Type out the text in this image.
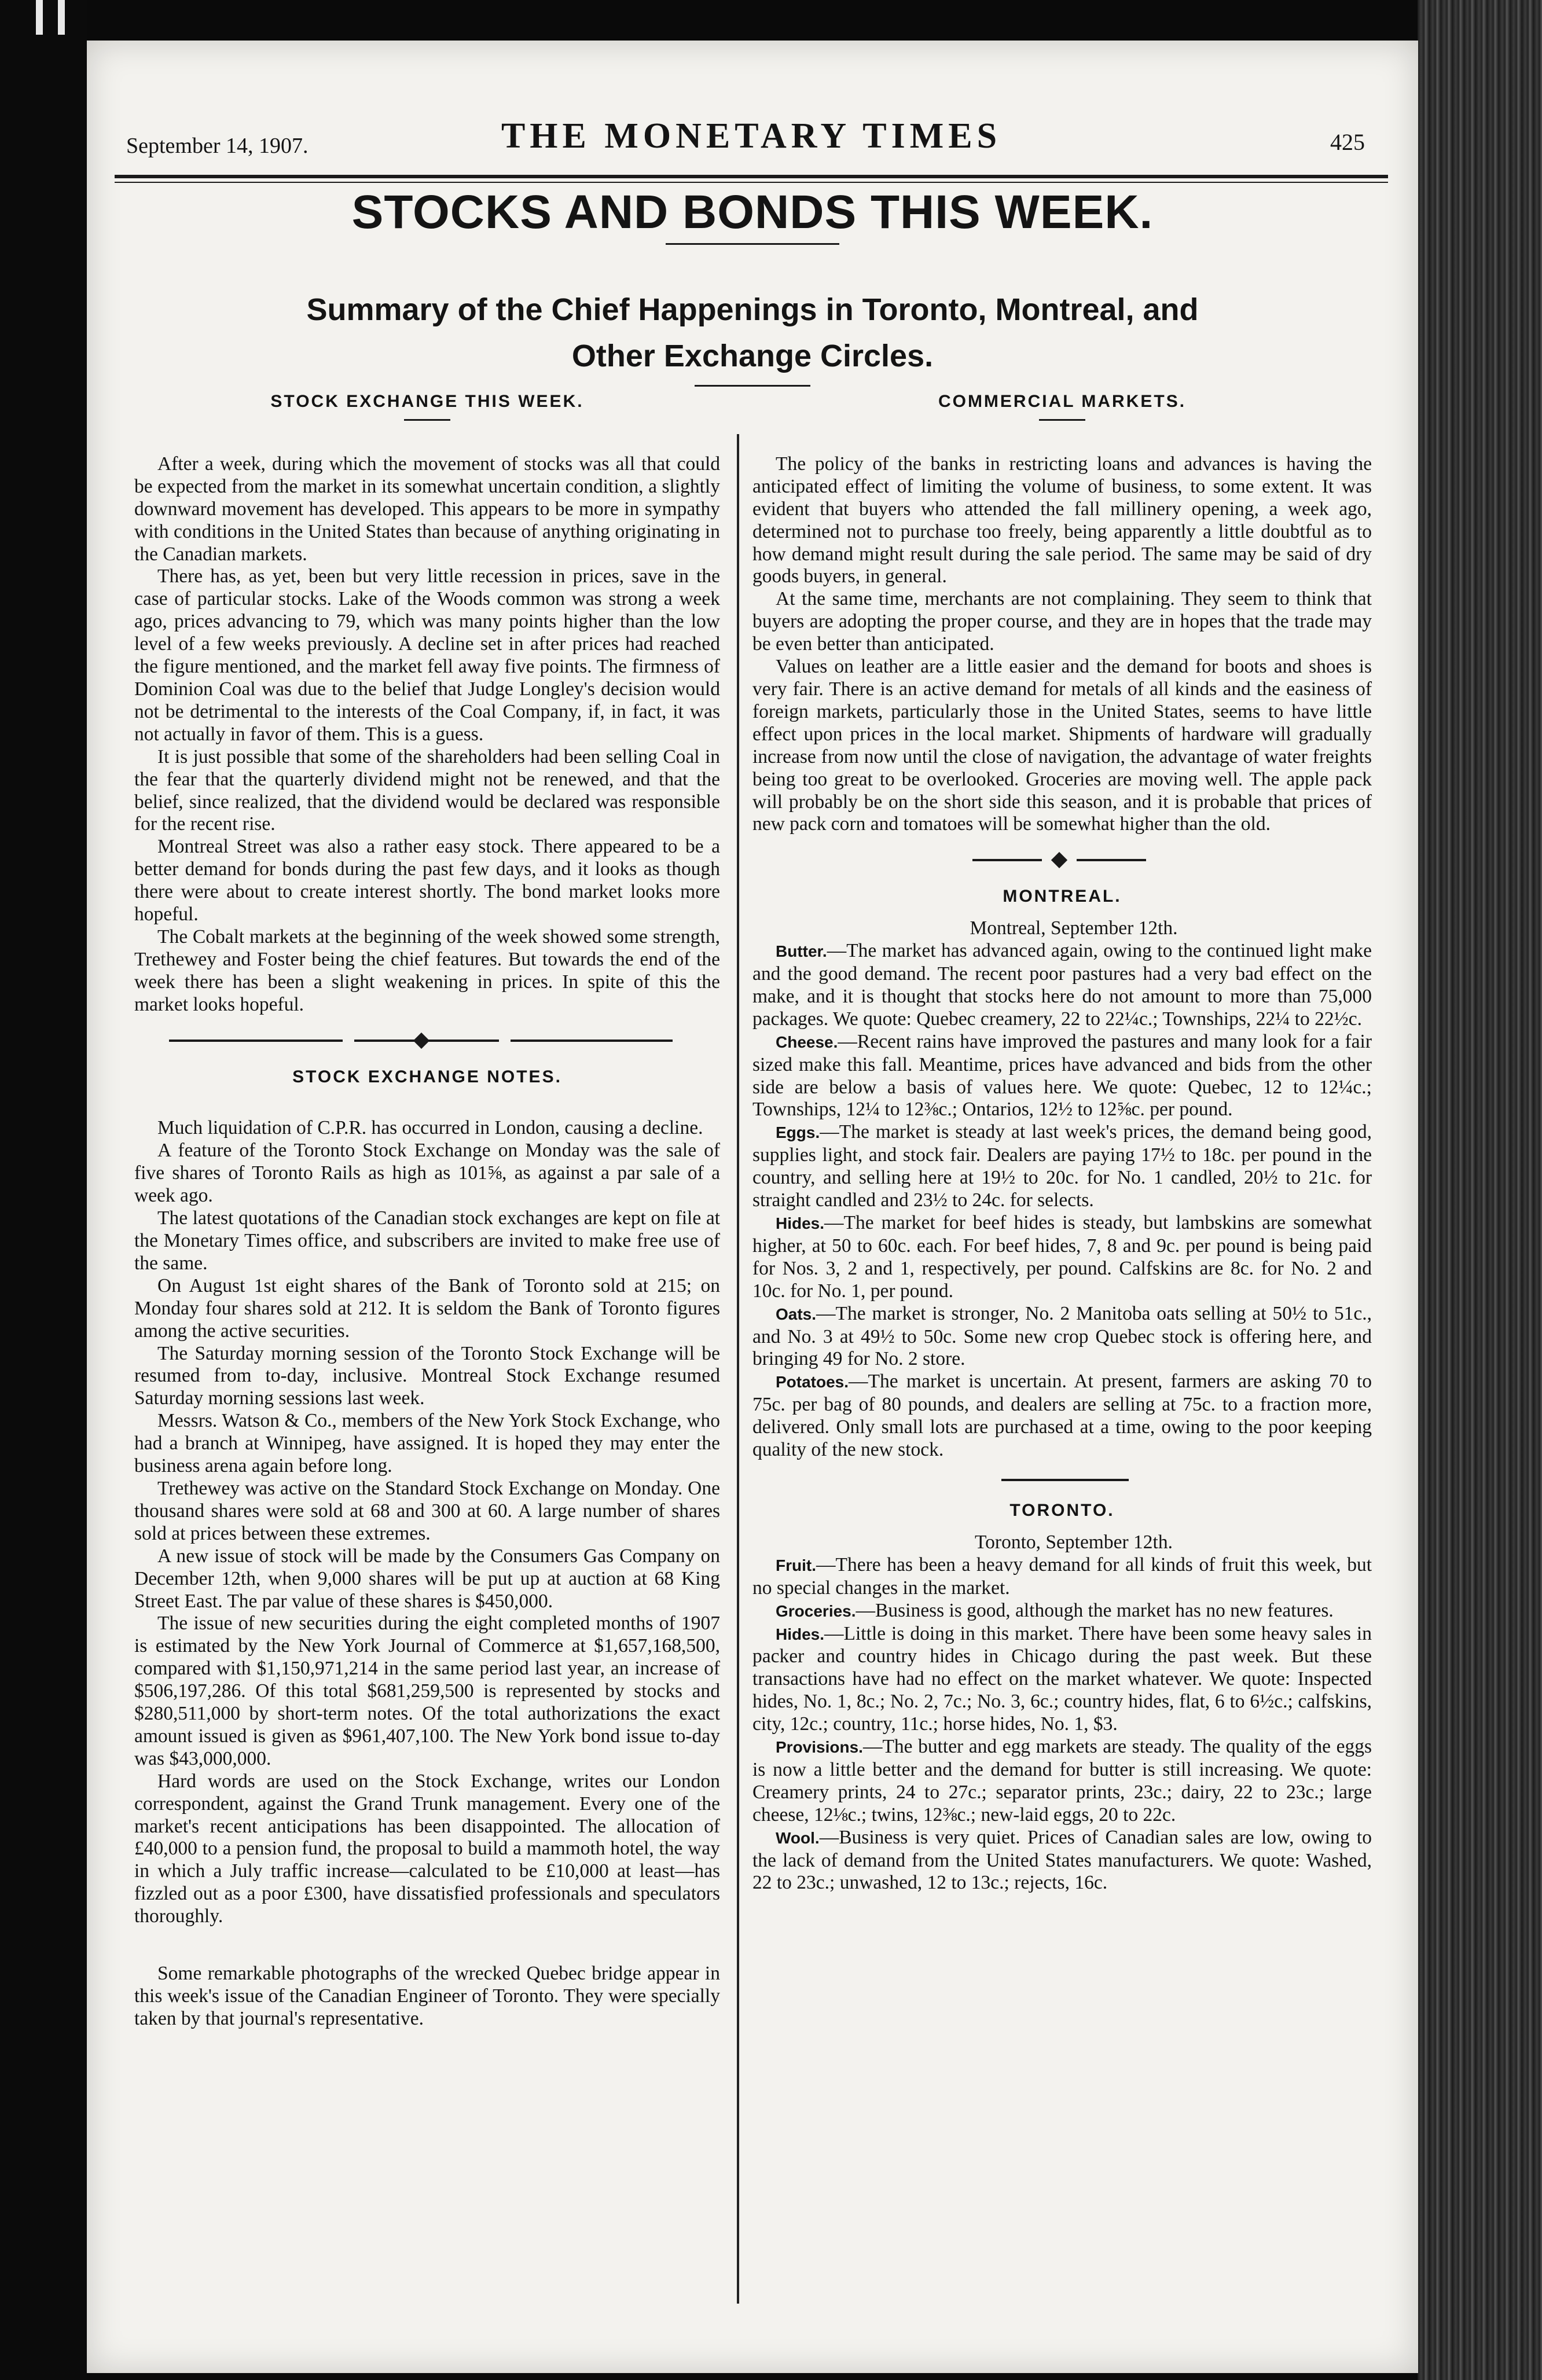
September 14, 1907.	THE MONETARY TIMES	425
STOCKS AND BONDS THIS WEEK.
Summary of the Chief Happenings in Toronto, Montreal, and
Other Exchange Circles.
STOCK EXCHANGE THIS WEEK.

After a week, during which the movement of stocks was all that could be expected from the market in its somewhat uncertain condition, a slightly downward movement has developed. This appears to be more in sympathy with conditions in the United States than because of anything originating in the Canadian markets.

There has, as yet, been but very little recession in prices, save in the case of particular stocks. Lake of the Woods common was strong a week ago, prices advancing to 79, which was many points higher than the low level of a few weeks previously. A decline set in after prices had reached the figure mentioned, and the market fell away five points. The firmness of Dominion Coal was due to the belief that Judge Longley's decision would not be detrimental to the interests of the Coal Company, if, in fact, it was not actually in favor of them. This is a guess.

It is just possible that some of the shareholders had been selling Coal in the fear that the quarterly dividend might not be renewed, and that the belief, since realized, that the dividend would be declared was responsible for the recent rise.

Montreal Street was also a rather easy stock. There appeared to be a better demand for bonds during the past few days, and it looks as though there were about to create interest shortly. The bond market looks more hopeful.

The Cobalt markets at the beginning of the week showed some strength, Trethewey and Foster being the chief features. But towards the end of the week there has been a slight weakening in prices. In spite of this the market looks hopeful.

STOCK EXCHANGE NOTES.

Much liquidation of C.P.R. has occurred in London, causing a decline.

A feature of the Toronto Stock Exchange on Monday was the sale of five shares of Toronto Rails as high as 101⅝, as against a par sale of a week ago.

The latest quotations of the Canadian stock exchanges are kept on file at the Monetary Times office, and subscribers are invited to make free use of the same.

On August 1st eight shares of the Bank of Toronto sold at 215; on Monday four shares sold at 212. It is seldom the Bank of Toronto figures among the active securities.

The Saturday morning session of the Toronto Stock Exchange will be resumed from to-day, inclusive. Montreal Stock Exchange resumed Saturday morning sessions last week.

Messrs. Watson & Co., members of the New York Stock Exchange, who had a branch at Winnipeg, have assigned. It is hoped they may enter the business arena again before long.

Trethewey was active on the Standard Stock Exchange on Monday. One thousand shares were sold at 68 and 300 at 60. A large number of shares sold at prices between these extremes.

A new issue of stock will be made by the Consumers Gas Company on December 12th, when 9,000 shares will be put up at auction at 68 King Street East. The par value of these shares is $450,000.

The issue of new securities during the eight completed months of 1907 is estimated by the New York Journal of Commerce at $1,657,168,500, compared with $1,150,971,214 in the same period last year, an increase of $506,197,286. Of this total $681,259,500 is represented by stocks and $280,511,000 by short-term notes. Of the total authorizations the exact amount issued is given as $961,407,100. The New York bond issue to-day was $43,000,000.

Hard words are used on the Stock Exchange, writes our London correspondent, against the Grand Trunk management. Every one of the market's recent anticipations has been disappointed. The allocation of £40,000 to a pension fund, the proposal to build a mammoth hotel, the way in which a July traffic increase—calculated to be £10,000 at least—has fizzled out as a poor £300, have dissatisfied professionals and speculators thoroughly.

Some remarkable photographs of the wrecked Quebec bridge appear in this week's issue of the Canadian Engineer of Toronto. They were specially taken by that journal's representative.

COMMERCIAL MARKETS.

The policy of the banks in restricting loans and advances is having the anticipated effect of limiting the volume of business, to some extent. It was evident that buyers who attended the fall millinery opening, a week ago, determined not to purchase too freely, being apparently a little doubtful as to how demand might result during the sale period. The same may be said of dry goods buyers, in general.

At the same time, merchants are not complaining. They seem to think that buyers are adopting the proper course, and they are in hopes that the trade may be even better than anticipated.

Values on leather are a little easier and the demand for boots and shoes is very fair. There is an active demand for metals of all kinds and the easiness of foreign markets, particularly those in the United States, seems to have little effect upon prices in the local market. Shipments of hardware will gradually increase from now until the close of navigation, the advantage of water freights being too great to be overlooked. Groceries are moving well. The apple pack will probably be on the short side this season, and it is probable that prices of new pack corn and tomatoes will be somewhat higher than the old.

MONTREAL.

Montreal, September 12th.

Butter.—The market has advanced again, owing to the continued light make and the good demand. The recent poor pastures had a very bad effect on the make, and it is thought that stocks here do not amount to more than 75,000 packages. We quote: Quebec creamery, 22 to 22¼c.; Townships, 22¼ to 22½c.

Cheese.—Recent rains have improved the pastures and many look for a fair sized make this fall. Meantime, prices have advanced and bids from the other side are below a basis of values here. We quote: Quebec, 12 to 12¼c.; Townships, 12¼ to 12⅜c.; Ontarios, 12½ to 12⅝c. per pound.

Eggs.—The market is steady at last week's prices, the demand being good, supplies light, and stock fair. Dealers are paying 17½ to 18c. per pound in the country, and selling here at 19½ to 20c. for No. 1 candled, 20½ to 21c. for straight candled and 23½ to 24c. for selects.

Hides.—The market for beef hides is steady, but lambskins are somewhat higher, at 50 to 60c. each. For beef hides, 7, 8 and 9c. per pound is being paid for Nos. 3, 2 and 1, respectively, per pound. Calfskins are 8c. for No. 2 and 10c. for No. 1, per pound.

Oats.—The market is stronger, No. 2 Manitoba oats selling at 50½ to 51c., and No. 3 at 49½ to 50c. Some new crop Quebec stock is offering here, and bringing 49 for No. 2 store.

Potatoes.—The market is uncertain. At present, farmers are asking 70 to 75c. per bag of 80 pounds, and dealers are selling at 75c. to a fraction more, delivered. Only small lots are purchased at a time, owing to the poor keeping quality of the new stock.

TORONTO.

Toronto, September 12th.

Fruit.—There has been a heavy demand for all kinds of fruit this week, but no special changes in the market.

Groceries.—Business is good, although the market has no new features.

Hides.—Little is doing in this market. There have been some heavy sales in packer and country hides in Chicago during the past week. But these transactions have had no effect on the market whatever. We quote: Inspected hides, No. 1, 8c.; No. 2, 7c.; No. 3, 6c.; country hides, flat, 6 to 6½c.; calfskins, city, 12c.; country, 11c.; horse hides, No. 1, $3.

Provisions.—The butter and egg markets are steady. The quality of the eggs is now a little better and the demand for butter is still increasing. We quote: Creamery prints, 24 to 27c.; separator prints, 23c.; dairy, 22 to 23c.; large cheese, 12⅛c.; twins, 12⅜c.; new-laid eggs, 20 to 22c.

Wool.—Business is very quiet. Prices of Canadian sales are low, owing to the lack of demand from the United States manufacturers. We quote: Washed, 22 to 23c.; unwashed, 12 to 13c.; rejects, 16c.
